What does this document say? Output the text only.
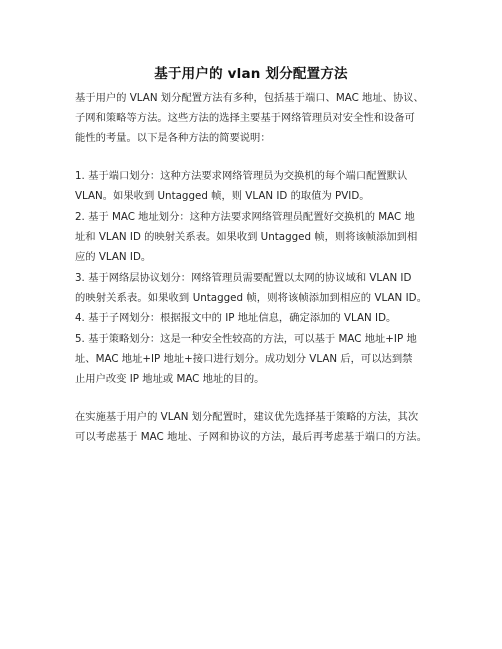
基于用户的 vlan 划分配置方法
基于用户的 VLAN 划分配置方法有多种，包括基于端口、MAC 地址、协议、
子网和策略等方法。这些方法的选择主要基于网络管理员对安全性和设备可
能性的考量。以下是各种方法的简要说明：
1. 基于端口划分：这种方法要求网络管理员为交换机的每个端口配置默认
VLAN。如果收到 Untagged 帧，则 VLAN ID 的取值为 PVID。
2. 基于 MAC 地址划分：这种方法要求网络管理员配置好交换机的 MAC 地
址和 VLAN ID 的映射关系表。如果收到 Untagged 帧，则将该帧添加到相
应的 VLAN ID。
3. 基于网络层协议划分：网络管理员需要配置以太网的协议域和 VLAN ID
的映射关系表。如果收到 Untagged 帧，则将该帧添加到相应的 VLAN ID。
4. 基于子网划分：根据报文中的 IP 地址信息，确定添加的 VLAN ID。
5. 基于策略划分：这是一种安全性较高的方法，可以基于 MAC 地址+IP 地
址、MAC 地址+IP 地址+接口进行划分。成功划分 VLAN 后，可以达到禁
止用户改变 IP 地址或 MAC 地址的目的。
在实施基于用户的 VLAN 划分配置时，建议优先选择基于策略的方法，其次
可以考虑基于 MAC 地址、子网和协议的方法，最后再考虑基于端口的方法。
